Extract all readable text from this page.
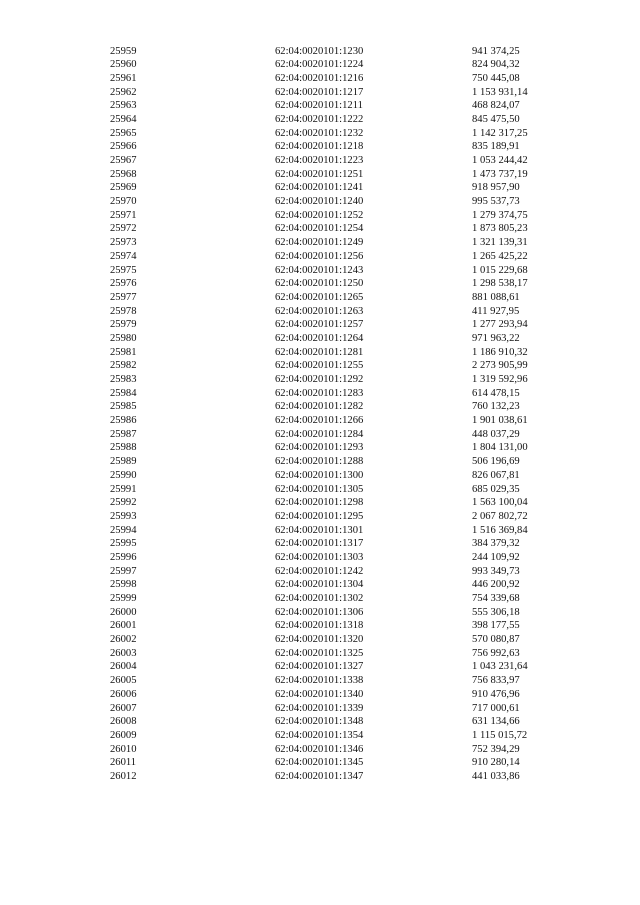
25959	62:04:0020101:1230	941 374,25
25960	62:04:0020101:1224	824 904,32
25961	62:04:0020101:1216	750 445,08
25962	62:04:0020101:1217	1 153 931,14
25963	62:04:0020101:1211	468 824,07
25964	62:04:0020101:1222	845 475,50
25965	62:04:0020101:1232	1 142 317,25
25966	62:04:0020101:1218	835 189,91
25967	62:04:0020101:1223	1 053 244,42
25968	62:04:0020101:1251	1 473 737,19
25969	62:04:0020101:1241	918 957,90
25970	62:04:0020101:1240	995 537,73
25971	62:04:0020101:1252	1 279 374,75
25972	62:04:0020101:1254	1 873 805,23
25973	62:04:0020101:1249	1 321 139,31
25974	62:04:0020101:1256	1 265 425,22
25975	62:04:0020101:1243	1 015 229,68
25976	62:04:0020101:1250	1 298 538,17
25977	62:04:0020101:1265	881 088,61
25978	62:04:0020101:1263	411 927,95
25979	62:04:0020101:1257	1 277 293,94
25980	62:04:0020101:1264	971 963,22
25981	62:04:0020101:1281	1 186 910,32
25982	62:04:0020101:1255	2 273 905,99
25983	62:04:0020101:1292	1 319 592,96
25984	62:04:0020101:1283	614 478,15
25985	62:04:0020101:1282	760 132,23
25986	62:04:0020101:1266	1 901 038,61
25987	62:04:0020101:1284	448 037,29
25988	62:04:0020101:1293	1 804 131,00
25989	62:04:0020101:1288	506 196,69
25990	62:04:0020101:1300	826 067,81
25991	62:04:0020101:1305	685 029,35
25992	62:04:0020101:1298	1 563 100,04
25993	62:04:0020101:1295	2 067 802,72
25994	62:04:0020101:1301	1 516 369,84
25995	62:04:0020101:1317	384 379,32
25996	62:04:0020101:1303	244 109,92
25997	62:04:0020101:1242	993 349,73
25998	62:04:0020101:1304	446 200,92
25999	62:04:0020101:1302	754 339,68
26000	62:04:0020101:1306	555 306,18
26001	62:04:0020101:1318	398 177,55
26002	62:04:0020101:1320	570 080,87
26003	62:04:0020101:1325	756 992,63
26004	62:04:0020101:1327	1 043 231,64
26005	62:04:0020101:1338	756 833,97
26006	62:04:0020101:1340	910 476,96
26007	62:04:0020101:1339	717 000,61
26008	62:04:0020101:1348	631 134,66
26009	62:04:0020101:1354	1 115 015,72
26010	62:04:0020101:1346	752 394,29
26011	62:04:0020101:1345	910 280,14
26012	62:04:0020101:1347	441 033,86
